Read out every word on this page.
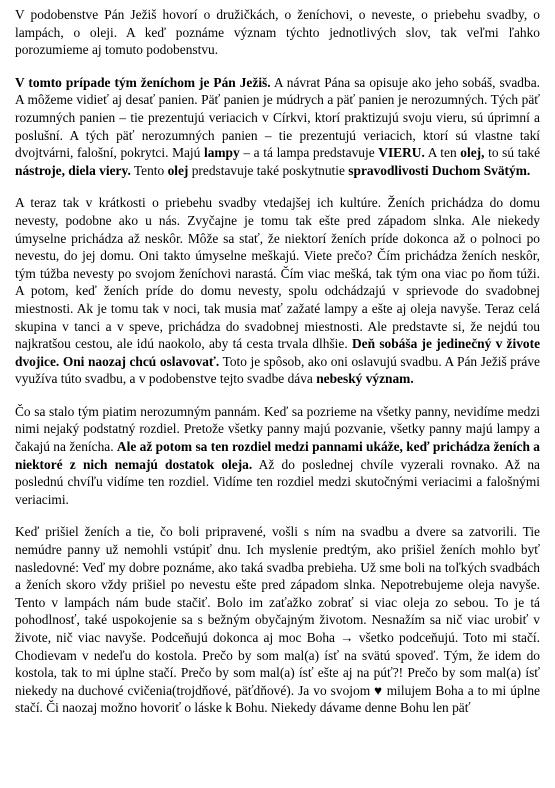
V podobenstve Pán Ježiš hovorí o družičkách, o ženíchovi, o neveste, o priebehu svadby, o lampách, o oleji. A keď poznáme význam týchto jednotlivých slov, tak veľmi ľahko porozumieme aj tomuto podobenstvu.

V tomto prípade tým ženíchom je Pán Ježiš. A návrat Pána sa opisuje ako jeho sobáš, svadba. A môžeme vidieť aj desať panien. Päť panien je múdrych a päť panien je nerozumných. Tých päť rozumných panien – tie prezentujú veriacich v Církvi, ktorí praktizujú svoju vieru, sú úprimní a poslušní. A tých päť nerozumných panien – tie prezentujú veriacich, ktorí sú vlastne takí dvojtvárni, falošní, pokrytci. Majú lampy – a tá lampa predstavuje VIERU. A ten olej, to sú také nástroje, diela viery. Tento olej predstavuje také poskytnutie spravodlivosti Duchom Svätým.

A teraz tak v krátkosti o priebehu svadby vtedajšej ich kultúre. Ženích prichádza do domu nevesty, podobne ako u nás. Zvyčajne je tomu tak ešte pred západom slnka. Ale niekedy úmyselne prichádza až neskôr. Môže sa stať, že niektorí ženích príde dokonca až o polnoci po nevestu, do jej domu. Oni takto úmyselne meškajú. Viete prečo? Čím prichádza ženích neskôr, tým túžba nevesty po svojom ženíchovi narastá. Čím viac mešká, tak tým ona viac po ňom túži. A potom, keď ženích príde do domu nevesty, spolu odchádzajú v sprievode do svadobnej miestnosti. Ak je tomu tak v noci, tak musia mať zažaté lampy a ešte aj oleja navyše. Teraz celá skupina v tanci a v speve, prichádza do svadobnej miestnosti. Ale predstavte si, že nejdú tou najkratšou cestou, ale idú naokolo, aby tá cesta trvala dlhšie. Deň sobáša je jedinečný v živote dvojice. Oni naozaj chcú oslavovať. Toto je spôsob, ako oni oslavujú svadbu. A Pán Ježiš práve využíva túto svadbu, a v podobenstve tejto svadbe dáva nebeský význam.

Čo sa stalo tým piatim nerozumným pannám. Keď sa pozrieme na všetky panny, nevidíme medzi nimi nejaký podstatný rozdiel. Pretože všetky panny majú pozvanie, všetky panny majú lampy a čakajú na ženícha. Ale až potom sa ten rozdiel medzi pannami ukáže, keď prichádza ženích a niektoré z nich nemajú dostatok oleja. Až do poslednej chvíle vyzerali rovnako. Až na poslednú chvíľu vidíme ten rozdiel. Vidíme ten rozdiel medzi skutočnými veriacimi a falošnými veriacimi.

Keď prišiel ženích a tie, čo boli pripravené, vošli s ním na svadbu a dvere sa zatvorili. Tie nemúdre panny už nemohli vstúpiť dnu. Ich myslenie predtým, ako prišiel ženích mohlo byť nasledovné: Veď my dobre poznáme, ako taká svadba prebieha. Už sme boli na toľkých svadbách a ženích skoro vždy prišiel po nevestu ešte pred západom slnka. Nepotrebujeme oleja navyše. Tento v lampách nám bude stačiť. Bolo im zaťažko zobrať si viac oleja zo sebou. To je tá pohodlnosť, také uspokojenie sa s bežným obyčajným životom. Nesnažím sa nič viac urobiť v živote, nič viac navyše. Podceňujú dokonca aj moc Boha → všetko podceňujú. Toto mi stačí. Chodievam v nedeľu do kostola. Prečo by som mal(a) ísť na svätú spoveď. Tým, že idem do kostola, tak to mi úplne stačí. Prečo by som mal(a) ísť ešte aj na púť?! Prečo by som mal(a) ísť niekedy na duchové cvičenia(trojdňové, päťdňové). Ja vo svojom ♥ milujem Boha a to mi úplne stačí. Či naozaj možno hovoriť o láske k Bohu. Niekedy dávame denne Bohu len päť
